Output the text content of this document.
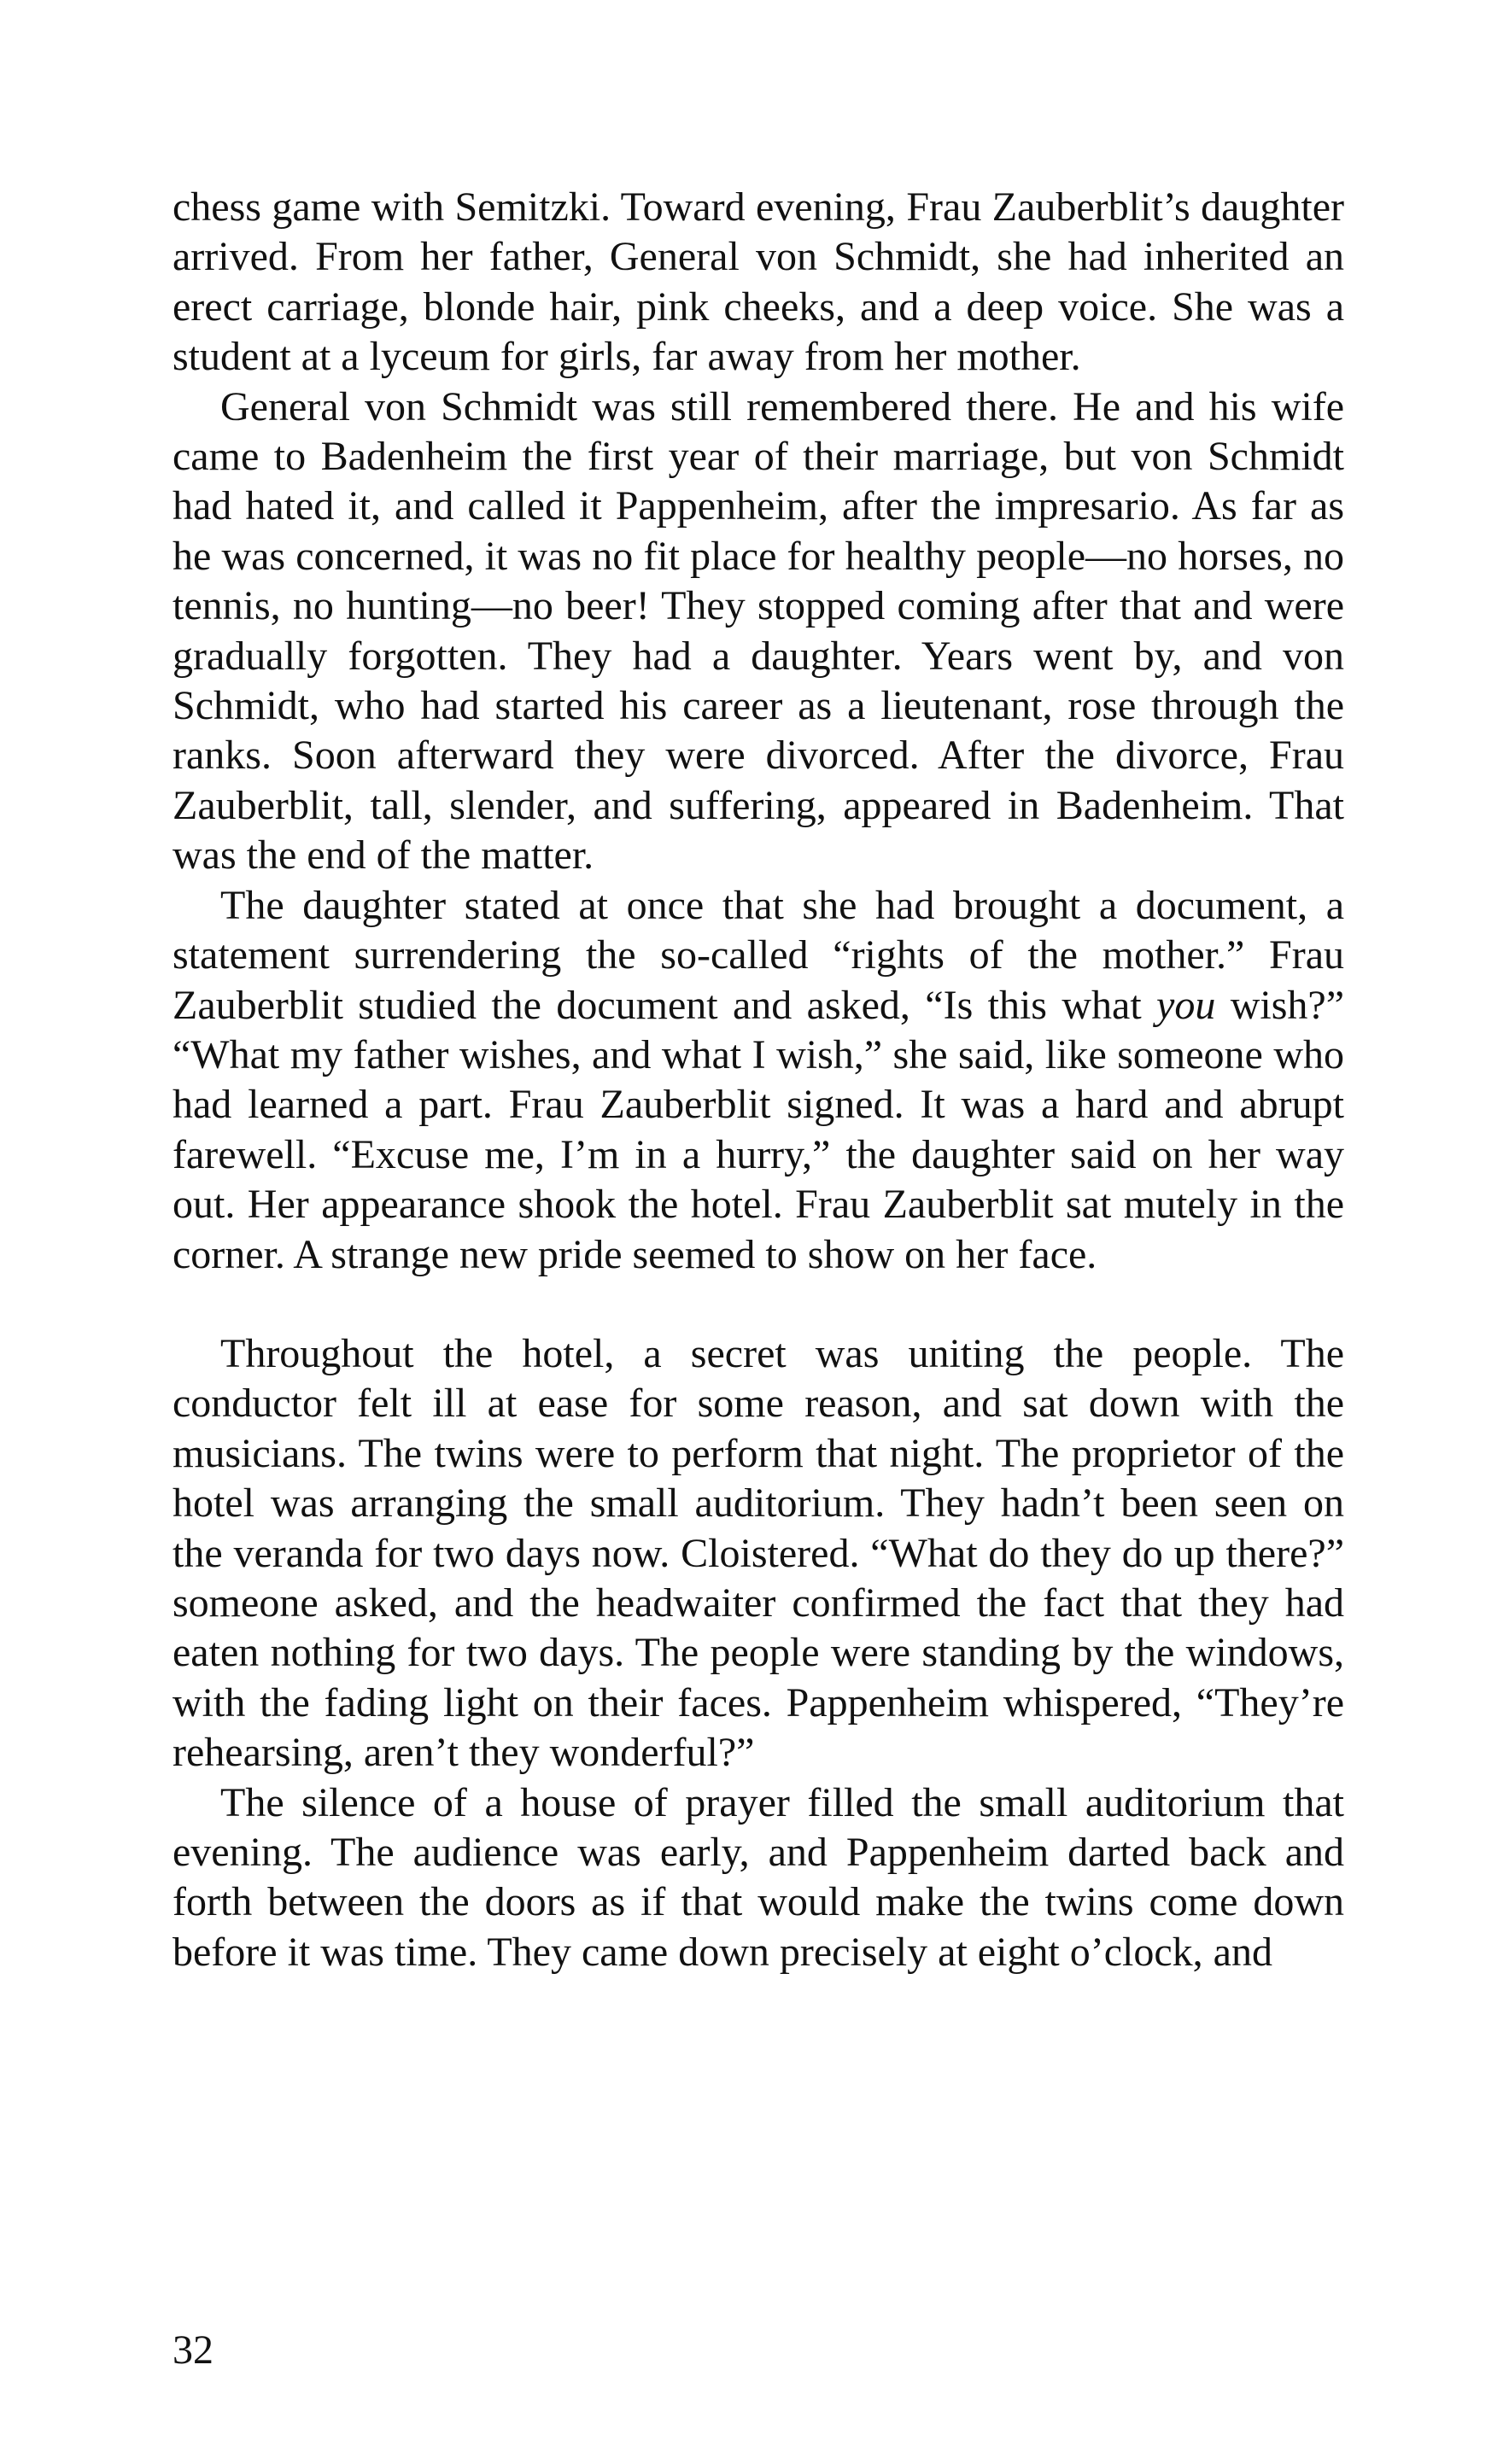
chess game with Semitzki. Toward evening, Frau Zauberblit’s daughter arrived. From her father, General von Schmidt, she had inherited an erect carriage, blonde hair, pink cheeks, and a deep voice. She was a student at a lyceum for girls, far away from her mother.

General von Schmidt was still remembered there. He and his wife came to Badenheim the first year of their marriage, but von Schmidt had hated it, and called it Pappenheim, after the impresario. As far as he was concerned, it was no fit place for healthy people—no horses, no tennis, no hunting—no beer! They stopped coming after that and were gradually forgotten. They had a daughter. Years went by, and von Schmidt, who had started his career as a lieutenant, rose through the ranks. Soon afterward they were divorced. After the divorce, Frau Zauberblit, tall, slender, and suffering, appeared in Badenheim. That was the end of the matter.

The daughter stated at once that she had brought a document, a statement surrendering the so-called “rights of the mother.” Frau Zauberblit studied the document and asked, “Is this what you wish?” “What my father wishes, and what I wish,” she said, like someone who had learned a part. Frau Zauberblit signed. It was a hard and abrupt farewell. “Excuse me, I’m in a hurry,” the daughter said on her way out. Her appearance shook the hotel. Frau Zauberblit sat mutely in the corner. A strange new pride seemed to show on her face.

Throughout the hotel, a secret was uniting the people. The conductor felt ill at ease for some reason, and sat down with the musicians. The twins were to perform that night. The proprietor of the hotel was arranging the small auditorium. They hadn’t been seen on the veranda for two days now. Cloistered. “What do they do up there?” someone asked, and the headwaiter confirmed the fact that they had eaten nothing for two days. The people were standing by the windows, with the fading light on their faces. Pappenheim whispered, “They’re rehearsing, aren’t they wonderful?”

The silence of a house of prayer filled the small auditorium that evening. The audience was early, and Pappenheim darted back and forth between the doors as if that would make the twins come down before it was time. They came down precisely at eight o’clock, and

32
